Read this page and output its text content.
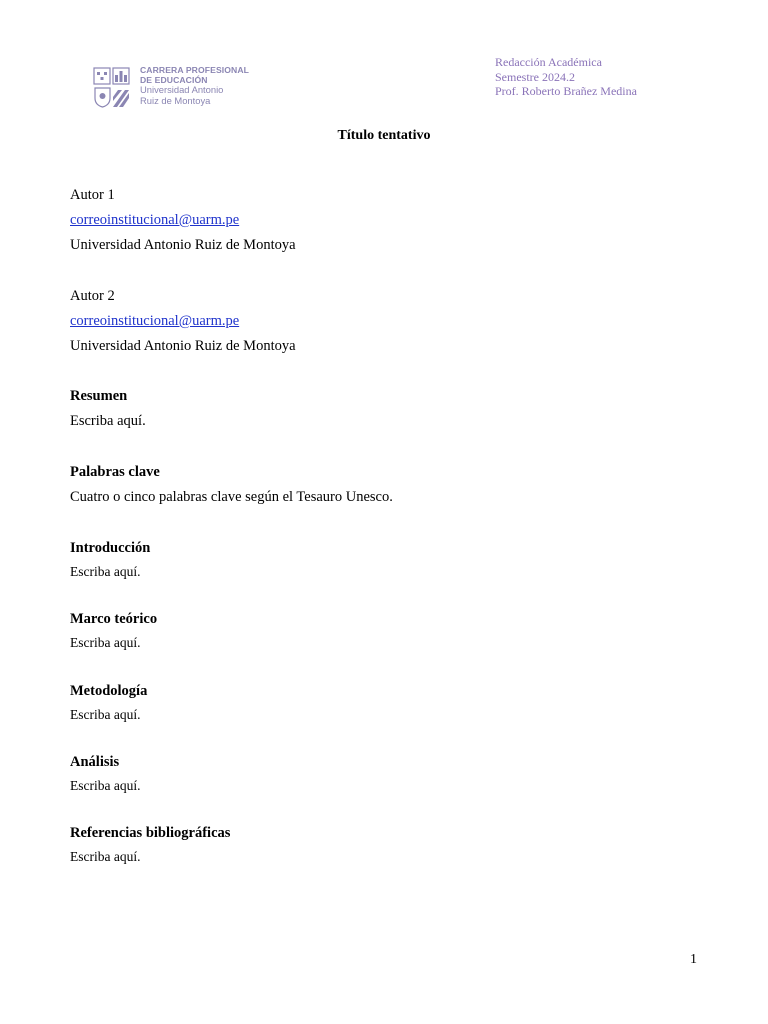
CARRERA PROFESIONAL
DE EDUCACIÓN
Universidad Antonio
Ruiz de Montoya
Redacción Académica
Semestre 2024.2
Prof. Roberto Brañez Medina
Título tentativo
Autor 1
correoinstitucional@uarm.pe
Universidad Antonio Ruiz de Montoya
Autor 2
correoinstitucional@uarm.pe
Universidad Antonio Ruiz de Montoya
Resumen
Escriba aquí.
Palabras clave
Cuatro o cinco palabras clave según el Tesauro Unesco.
Introducción
Escriba aquí.
Marco teórico
Escriba aquí.
Metodología
Escriba aquí.
Análisis
Escriba aquí.
Referencias bibliográficas
Escriba aquí.
1
